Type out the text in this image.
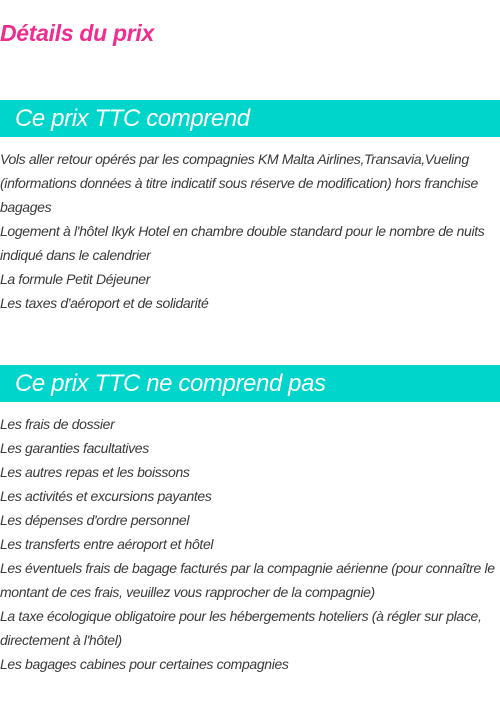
Détails du prix
Ce prix TTC comprend
Vols aller retour opérés par les compagnies KM Malta Airlines,Transavia,Vueling (informations données à titre indicatif sous réserve de modification) hors franchise bagages
Logement à l'hôtel Ikyk Hotel en chambre double standard pour le nombre de nuits indiqué dans le calendrier
La formule Petit Déjeuner
Les taxes d'aéroport et de solidarité
Ce prix TTC ne comprend pas
Les frais de dossier
Les garanties facultatives
Les autres repas et les boissons
Les activités et excursions payantes
Les dépenses d'ordre personnel
Les transferts entre aéroport et hôtel
Les éventuels frais de bagage facturés par la compagnie aérienne (pour connaître le montant de ces frais, veuillez vous rapprocher de la compagnie)
La taxe écologique obligatoire pour les hébergements hoteliers (à régler sur place, directement à l'hôtel)
Les bagages cabines pour certaines compagnies
